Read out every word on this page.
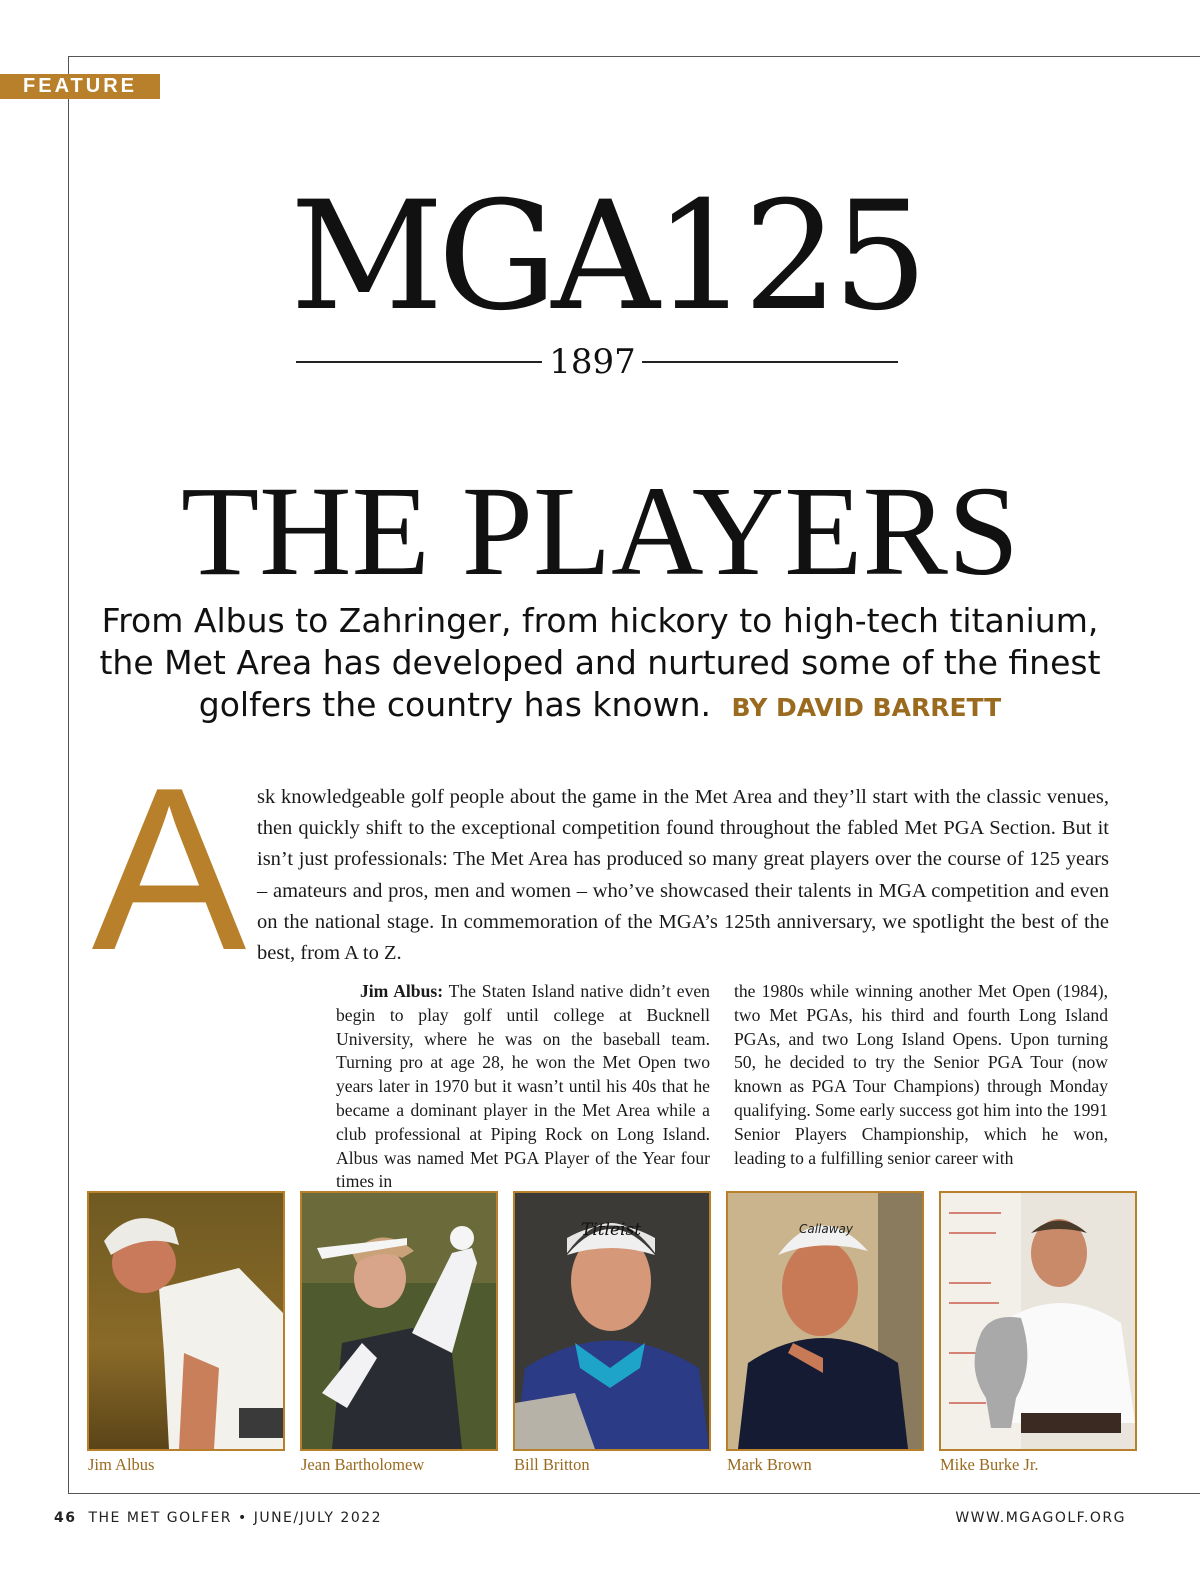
FEATURE
MGA125
1897
THE PLAYERS
From Albus to Zahringer, from hickory to high-tech titanium, the Met Area has developed and nurtured some of the finest golfers the country has known. BY DAVID BARRETT
A sk knowledgeable golf people about the game in the Met Area and they’ll start with the classic venues, then quickly shift to the exceptional competition found throughout the fabled Met PGA Section. But it isn’t just professionals: The Met Area has produced so many great players over the course of 125 years – amateurs and pros, men and women – who’ve showcased their talents in MGA competition and even on the national stage. In commemoration of the MGA’s 125th anniversary, we spotlight the best of the best, from A to Z.

Jim Albus: The Staten Island native didn’t even begin to play golf until college at Bucknell University, where he was on the baseball team. Turning pro at age 28, he won the Met Open two years later in 1970 but it wasn’t until his 40s that he became a dominant player in the Met Area while a club professional at Piping Rock on Long Island. Albus was named Met PGA Player of the Year four times in

the 1980s while winning another Met Open (1984), two Met PGAs, his third and fourth Long Island PGAs, and two Long Island Opens. Upon turning 50, he decided to try the Senior PGA Tour (now known as PGA Tour Champions) through Monday qualifying. Some early success got him into the 1991 Senior Players Championship, which he won, leading to a fulfilling senior career with

Jim Albus	Jean Bartholomew
Titleist
Bill Britton
Callaway
Mark Brown	Mike Burke Jr.
46 THE MET GOLFER • JUNE/JULY 2022	WWW.MGAGOLF.ORG
